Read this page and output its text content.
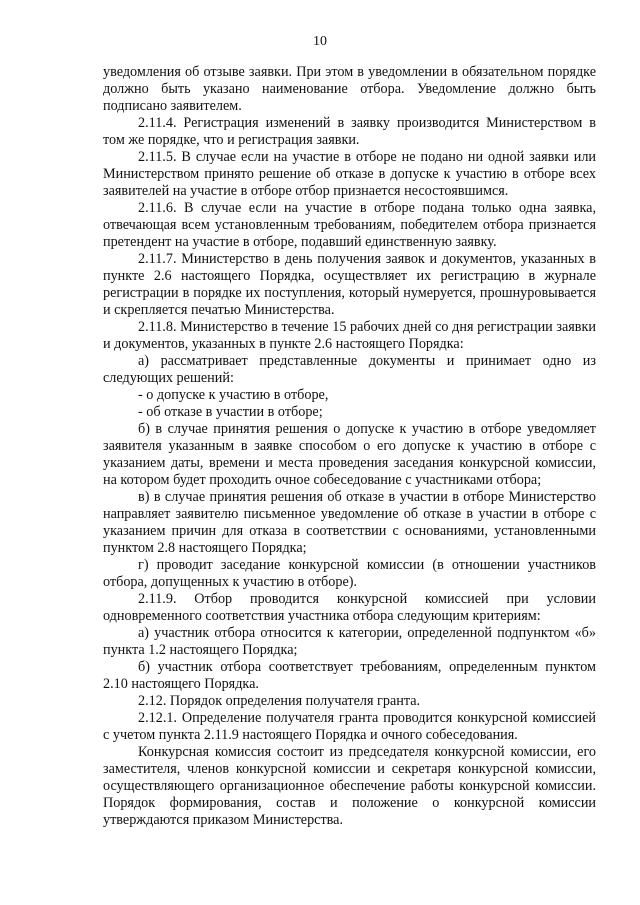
10

уведомления об отзыве заявки. При этом в уведомлении в обязательном порядке должно быть указано наименование отбора. Уведомление должно быть подписано заявителем.

2.11.4. Регистрация изменений в заявку производится Министерством в том же порядке, что и регистрация заявки.

2.11.5. В случае если на участие в отборе не подано ни одной заявки или Министерством принято решение об отказе в допуске к участию в отборе всех заявителей на участие в отборе отбор признается несостоявшимся.

2.11.6. В случае если на участие в отборе подана только одна заявка, отвечающая всем установленным требованиям, победителем отбора признается претендент на участие в отборе, подавший единственную заявку.

2.11.7. Министерство в день получения заявок и документов, указанных в пункте 2.6 настоящего Порядка, осуществляет их регистрацию в журнале регистрации в порядке их поступления, который нумеруется, прошнуровывается и скрепляется печатью Министерства.

2.11.8. Министерство в течение 15 рабочих дней со дня регистрации заявки и документов, указанных в пункте 2.6 настоящего Порядка:

а) рассматривает представленные документы и принимает одно из следующих решений:

- о допуске к участию в отборе,

- об отказе в участии в отборе;

б) в случае принятия решения о допуске к участию в отборе уведомляет заявителя указанным в заявке способом о его допуске к участию в отборе с указанием даты, времени и места проведения заседания конкурсной комиссии, на котором будет проходить очное собеседование с участниками отбора;

в) в случае принятия решения об отказе в участии в отборе Министерство направляет заявителю письменное уведомление об отказе в участии в отборе с указанием причин для отказа в соответствии с основаниями, установленными пунктом 2.8 настоящего Порядка;

г) проводит заседание конкурсной комиссии (в отношении участников отбора, допущенных к участию в отборе).

2.11.9. Отбор проводится конкурсной комиссией при условии одновременного соответствия участника отбора следующим критериям:

а) участник отбора относится к категории, определенной подпунктом «б» пункта 1.2 настоящего Порядка;

б) участник отбора соответствует требованиям, определенным пунктом 2.10 настоящего Порядка.

2.12. Порядок определения получателя гранта.

2.12.1. Определение получателя гранта проводится конкурсной комиссией с учетом пункта 2.11.9 настоящего Порядка и очного собеседования.

Конкурсная комиссия состоит из председателя конкурсной комиссии, его заместителя, членов конкурсной комиссии и секретаря конкурсной комиссии, осуществляющего организационное обеспечение работы конкурсной комиссии. Порядок формирования, состав и положение о конкурсной комиссии утверждаются приказом Министерства.
